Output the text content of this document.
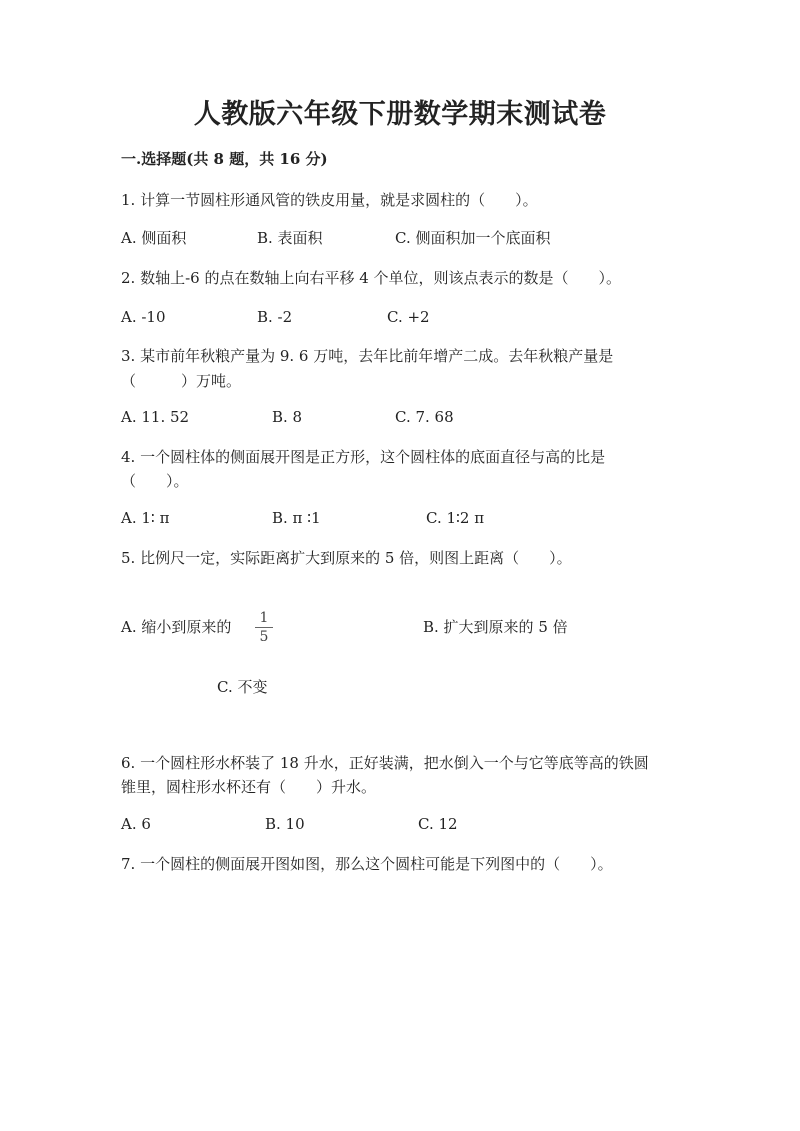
人教版六年级下册数学期末测试卷
一.选择题(共 8 题，共 16 分)
1. 计算一节圆柱形通风管的铁皮用量，就是求圆柱的（　　）。
A. 侧面积	B. 表面积	C. 侧面积加一个底面积
2. 数轴上-6 的点在数轴上向右平移 4 个单位，则该点表示的数是（　　）。
A. -10	B. -2	C. +2
3. 某市前年秋粮产量为 9. 6 万吨，去年比前年增产二成。去年秋粮产量是
（　　　）万吨。
A. 11. 52	B. 8	C. 7. 68
4. 一个圆柱体的侧面展开图是正方形，这个圆柱体的底面直径与高的比是
（　　）。
A. 1∶ π	B. π ∶1	C. 1∶2 π
5. 比例尺一定，实际距离扩大到原来的 5 倍，则图上距离（　　）。
A. 缩小到原来的	1
5
B. 扩大到原来的 5 倍
C. 不变
6. 一个圆柱形水杯装了 18 升水，正好装满，把水倒入一个与它等底等高的铁圆
锥里，圆柱形水杯还有（　　）升水。
A. 6	B. 10	C. 12
7. 一个圆柱的侧面展开图如图，那么这个圆柱可能是下列图中的（　　）。
